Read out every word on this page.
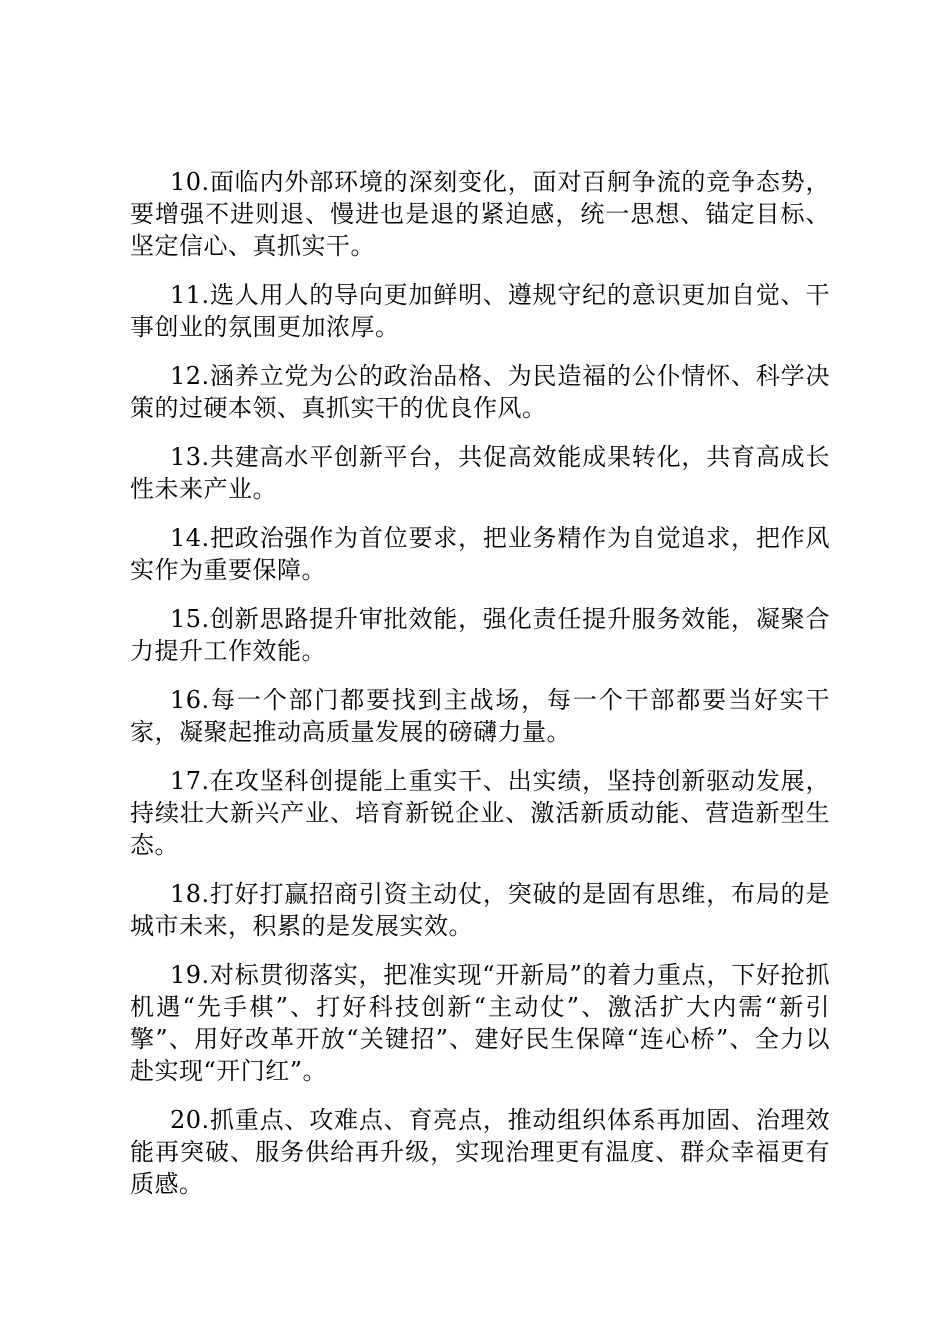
10.面临内外部环境的深刻变化，面对百舸争流的竞争态势，要增强不进则退、慢进也是退的紧迫感，统一思想、锚定目标、坚定信心、真抓实干。

11.选人用人的导向更加鲜明、遵规守纪的意识更加自觉、干事创业的氛围更加浓厚。

12.涵养立党为公的政治品格、为民造福的公仆情怀、科学决策的过硬本领、真抓实干的优良作风。

13.共建高水平创新平台，共促高效能成果转化，共育高成长性未来产业。

14.把政治强作为首位要求，把业务精作为自觉追求，把作风实作为重要保障。

15.创新思路提升审批效能，强化责任提升服务效能，凝聚合力提升工作效能。

16.每一个部门都要找到主战场，每一个干部都要当好实干家，凝聚起推动高质量发展的磅礴力量。

17.在攻坚科创提能上重实干、出实绩，坚持创新驱动发展，持续壮大新兴产业、培育新锐企业、激活新质动能、营造新型生态。

18.打好打赢招商引资主动仗，突破的是固有思维，布局的是城市未来，积累的是发展实效。

19.对标贯彻落实，把准实现“开新局”的着力重点，下好抢抓机遇“先手棋”、打好科技创新“主动仗”、激活扩大内需“新引擎”、用好改革开放“关键招”、建好民生保障“连心桥”、全力以赴实现“开门红”。

20.抓重点、攻难点、育亮点，推动组织体系再加固、治理效能再突破、服务供给再升级，实现治理更有温度、群众幸福更有质感。
